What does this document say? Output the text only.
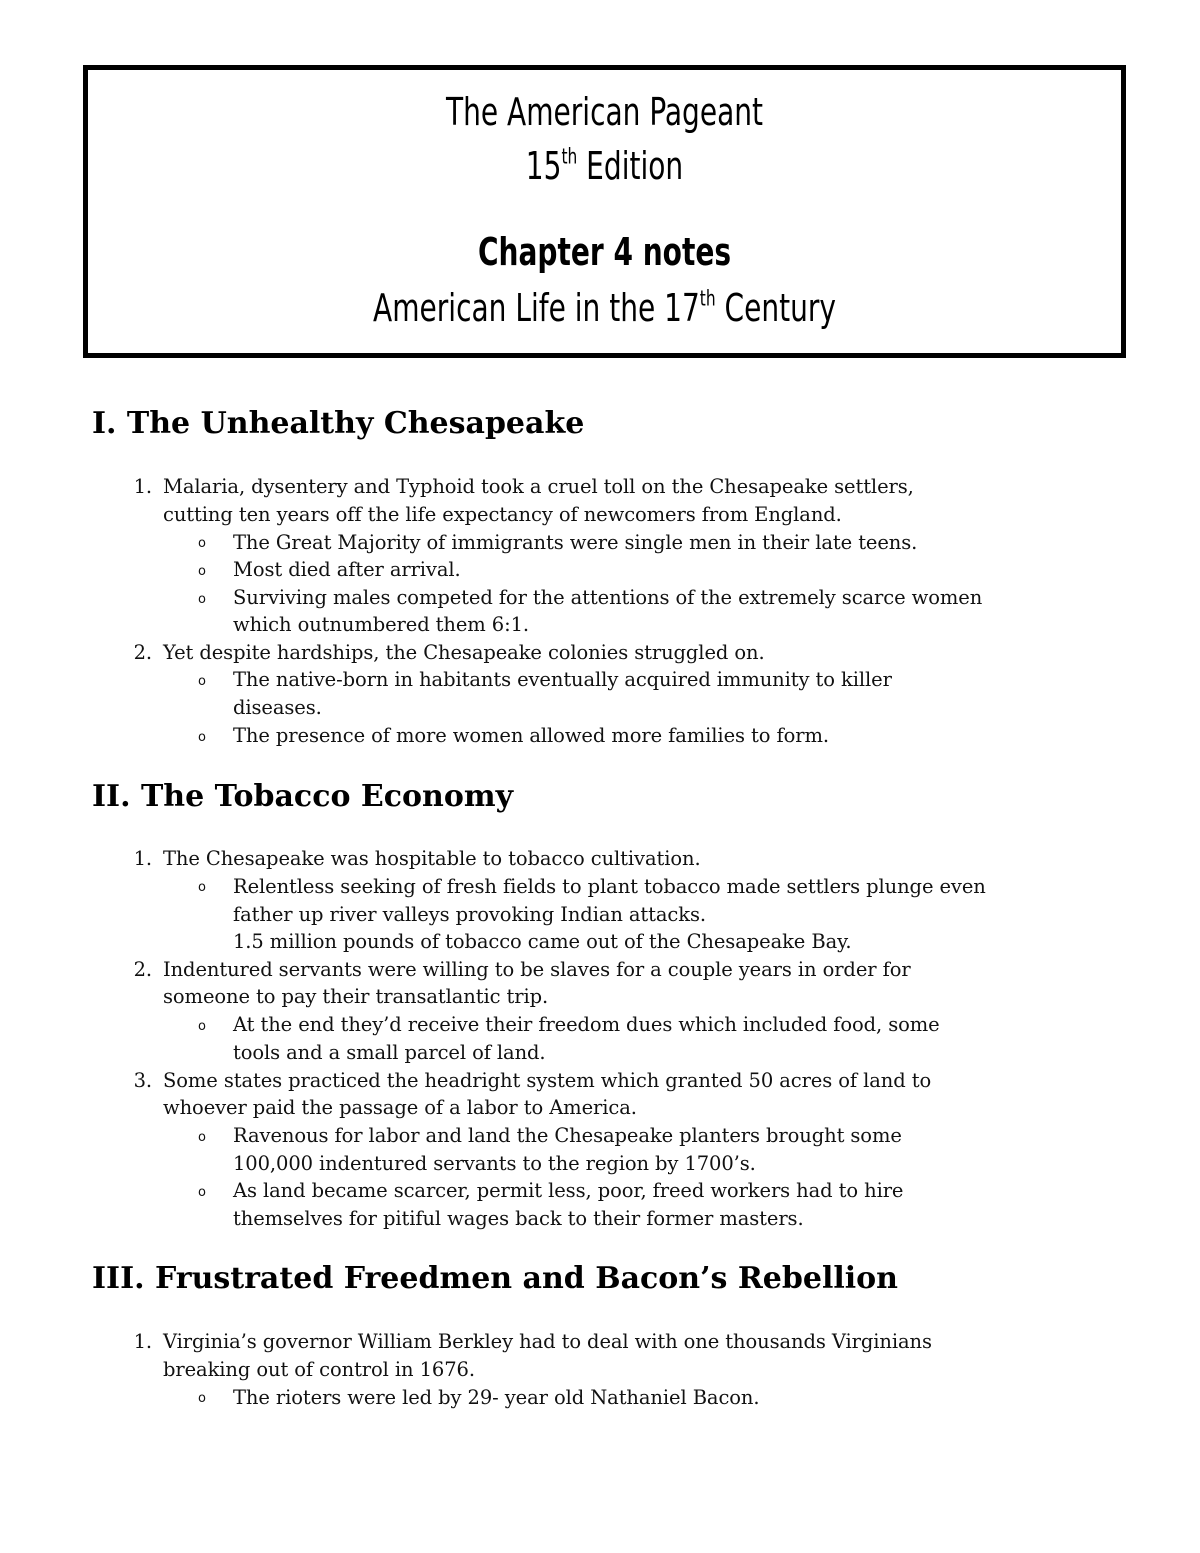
The American Pageant
15th Edition
Chapter 4 notes
American Life in the 17th Century
I. The Unhealthy Chesapeake
1. Malaria, dysentery and Typhoid took a cruel toll on the Chesapeake settlers,
cutting ten years off the life expectancy of newcomers from England.
o The Great Majority of immigrants were single men in their late teens.
o Most died after arrival.
o Surviving males competed for the attentions of the extremely scarce women
which outnumbered them 6:1.
2. Yet despite hardships, the Chesapeake colonies struggled on.
o The native-born in habitants eventually acquired immunity to killer
diseases.
o The presence of more women allowed more families to form.
II. The Tobacco Economy
1. The Chesapeake was hospitable to tobacco cultivation.
o Relentless seeking of fresh fields to plant tobacco made settlers plunge even
father up river valleys provoking Indian attacks.
1.5 million pounds of tobacco came out of the Chesapeake Bay.
2. Indentured servants were willing to be slaves for a couple years in order for
someone to pay their transatlantic trip.
o At the end they’d receive their freedom dues which included food, some
tools and a small parcel of land.
3. Some states practiced the headright system which granted 50 acres of land to
whoever paid the passage of a labor to America.
o Ravenous for labor and land the Chesapeake planters brought some
100,000 indentured servants to the region by 1700’s.
o As land became scarcer, permit less, poor, freed workers had to hire
themselves for pitiful wages back to their former masters.
III. Frustrated Freedmen and Bacon’s Rebellion
1. Virginia’s governor William Berkley had to deal with one thousands Virginians
breaking out of control in 1676.
o The rioters were led by 29- year old Nathaniel Bacon.
